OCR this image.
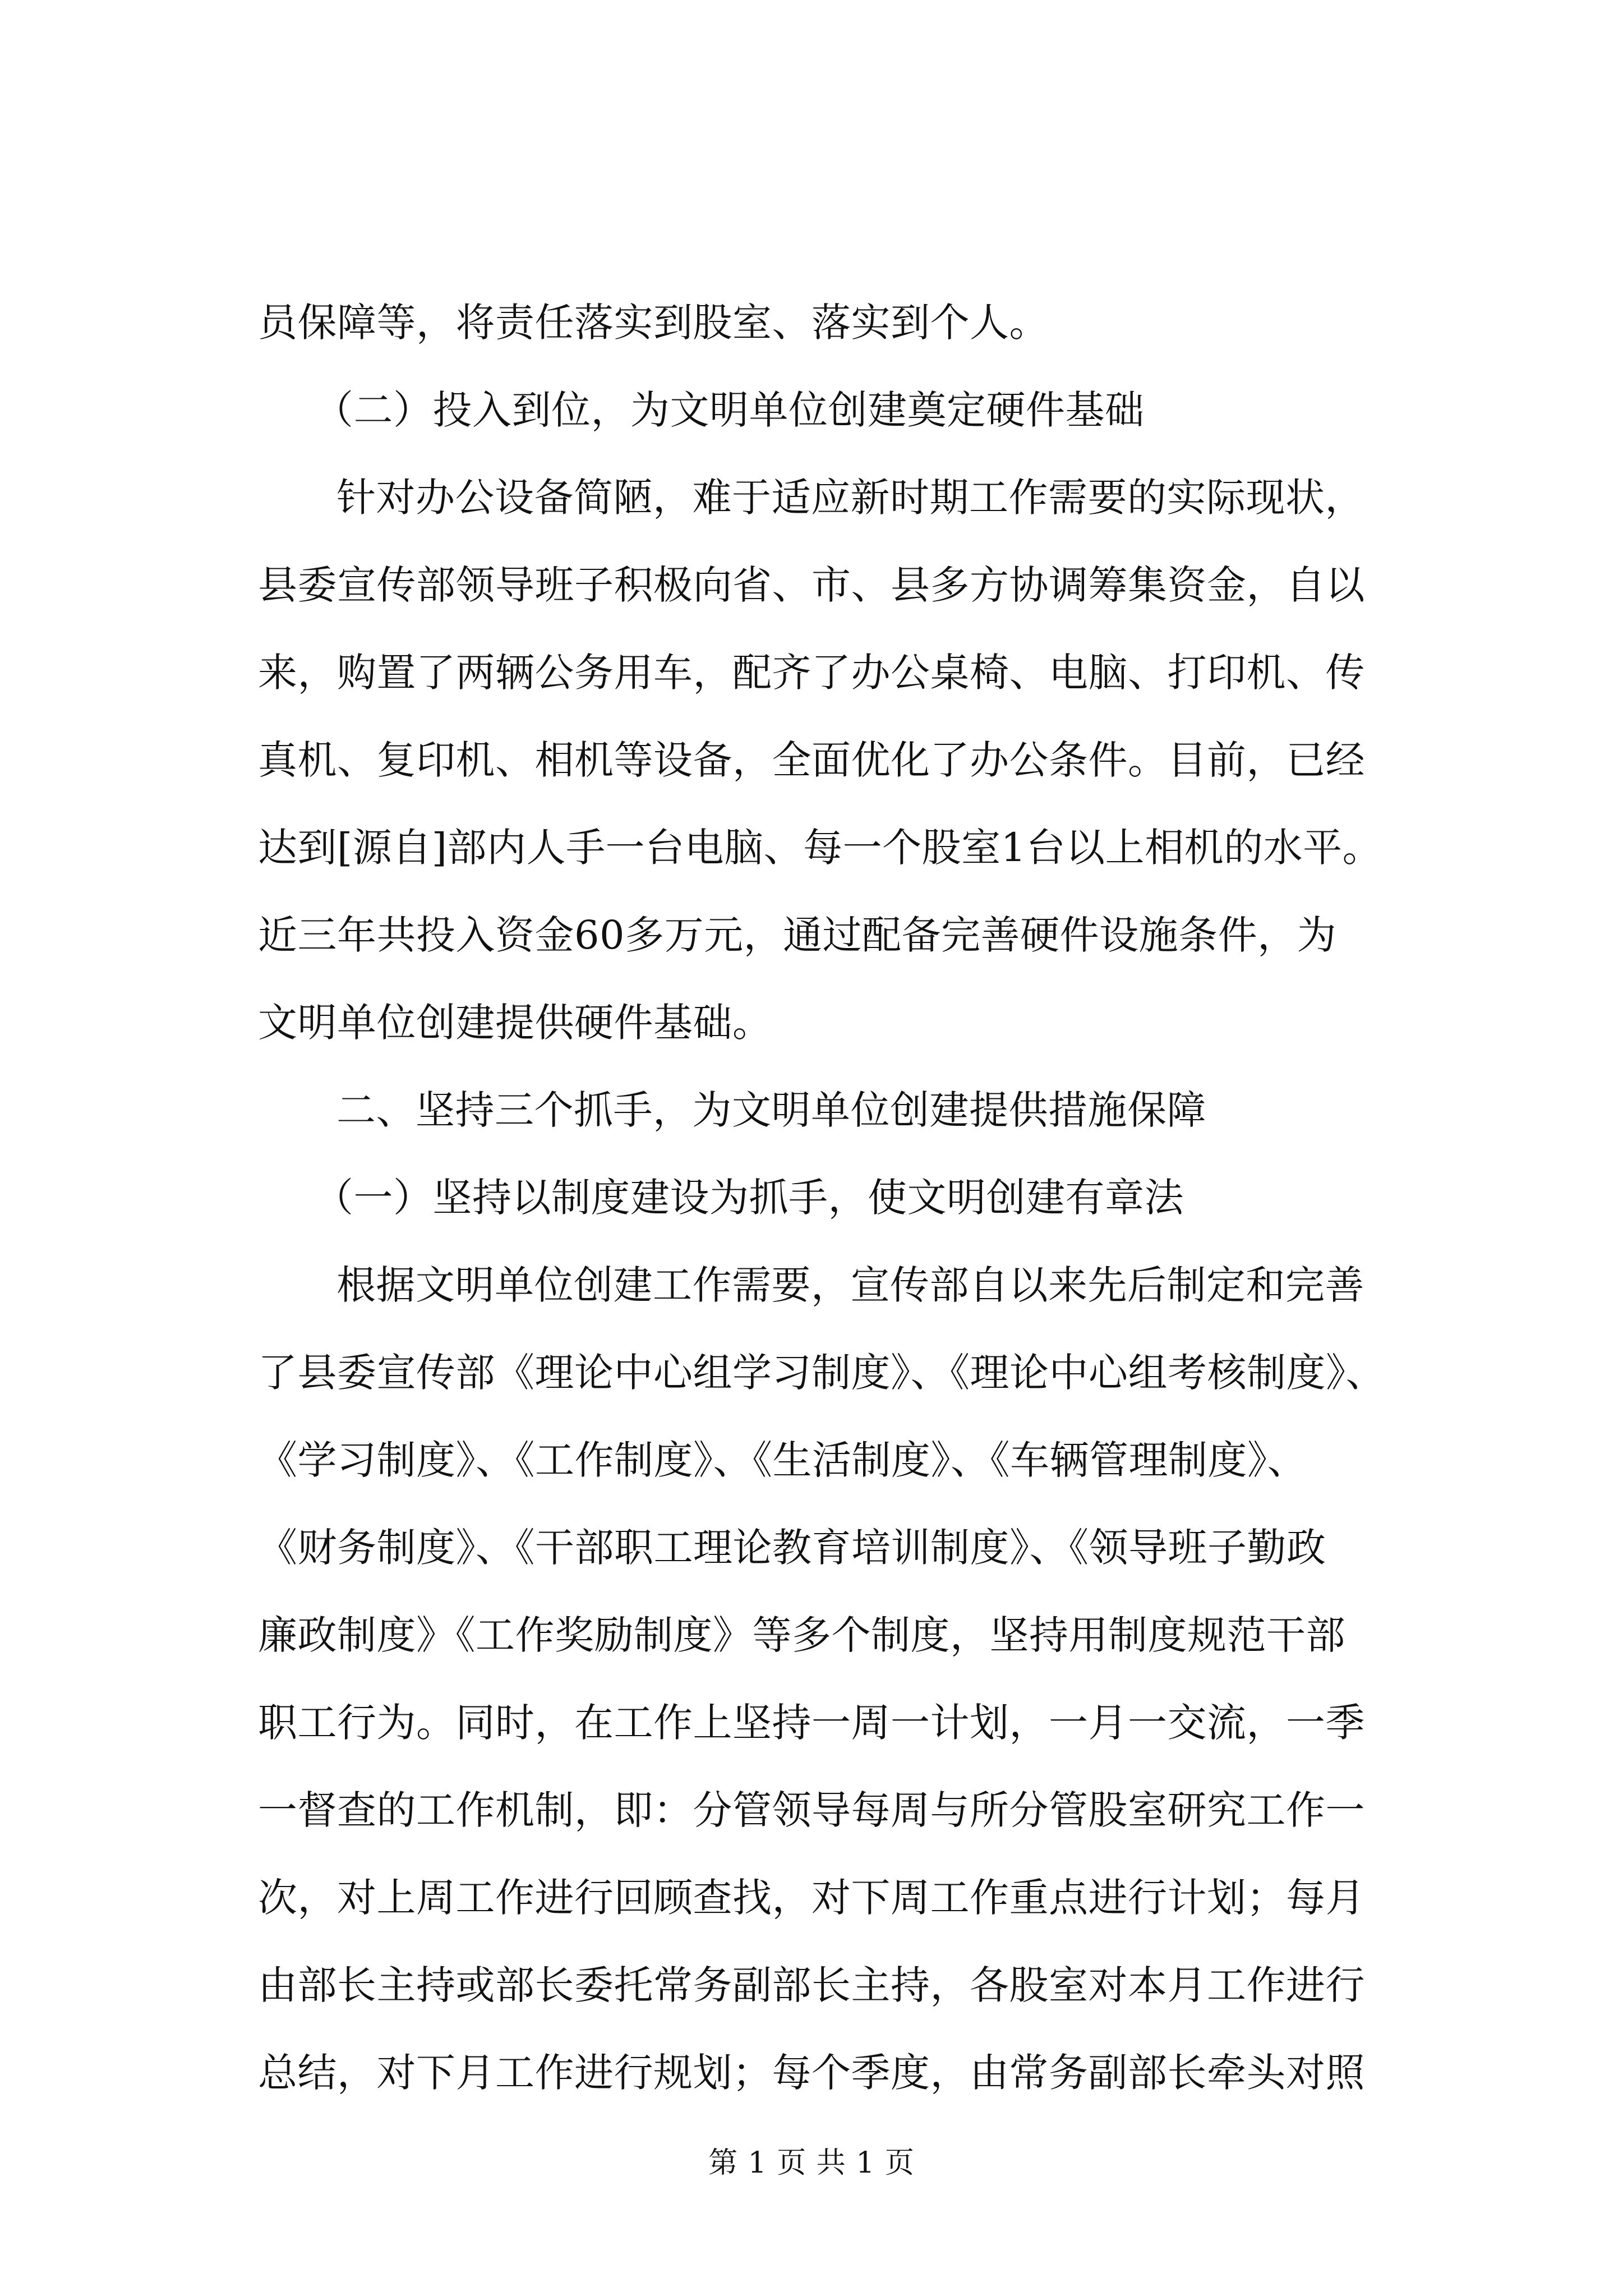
员保障等，将责任落实到股室、落实到个人。
（二）投入到位，为文明单位创建奠定硬件基础
针对办公设备简陋，难于适应新时期工作需要的实际现状，
县委宣传部领导班子积极向省、市、县多方协调筹集资金，自以
来，购置了两辆公务用车，配齐了办公桌椅、电脑、打印机、传
真机、复印机、相机等设备，全面优化了办公条件。目前，已经
达到[源自]部内人手一台电脑、每一个股室1台以上相机的水平。
近三年共投入资金60多万元，通过配备完善硬件设施条件，为
文明单位创建提供硬件基础。
二、坚持三个抓手，为文明单位创建提供措施保障
（一）坚持以制度建设为抓手，使文明创建有章法
根据文明单位创建工作需要，宣传部自以来先后制定和完善
了县委宣传部《理论中心组学习制度》、《理论中心组考核制度》、
《学习制度》、《工作制度》、《生活制度》、《车辆管理制度》、
《财务制度》、《干部职工理论教育培训制度》、《领导班子勤政
廉政制度》《工作奖励制度》等多个制度，坚持用制度规范干部
职工行为。同时，在工作上坚持一周一计划，一月一交流，一季
一督查的工作机制，即：分管领导每周与所分管股室研究工作一
次，对上周工作进行回顾查找，对下周工作重点进行计划；每月
由部长主持或部长委托常务副部长主持，各股室对本月工作进行
总结，对下月工作进行规划；每个季度，由常务副部长牵头对照
第 1 页 共 1 页
